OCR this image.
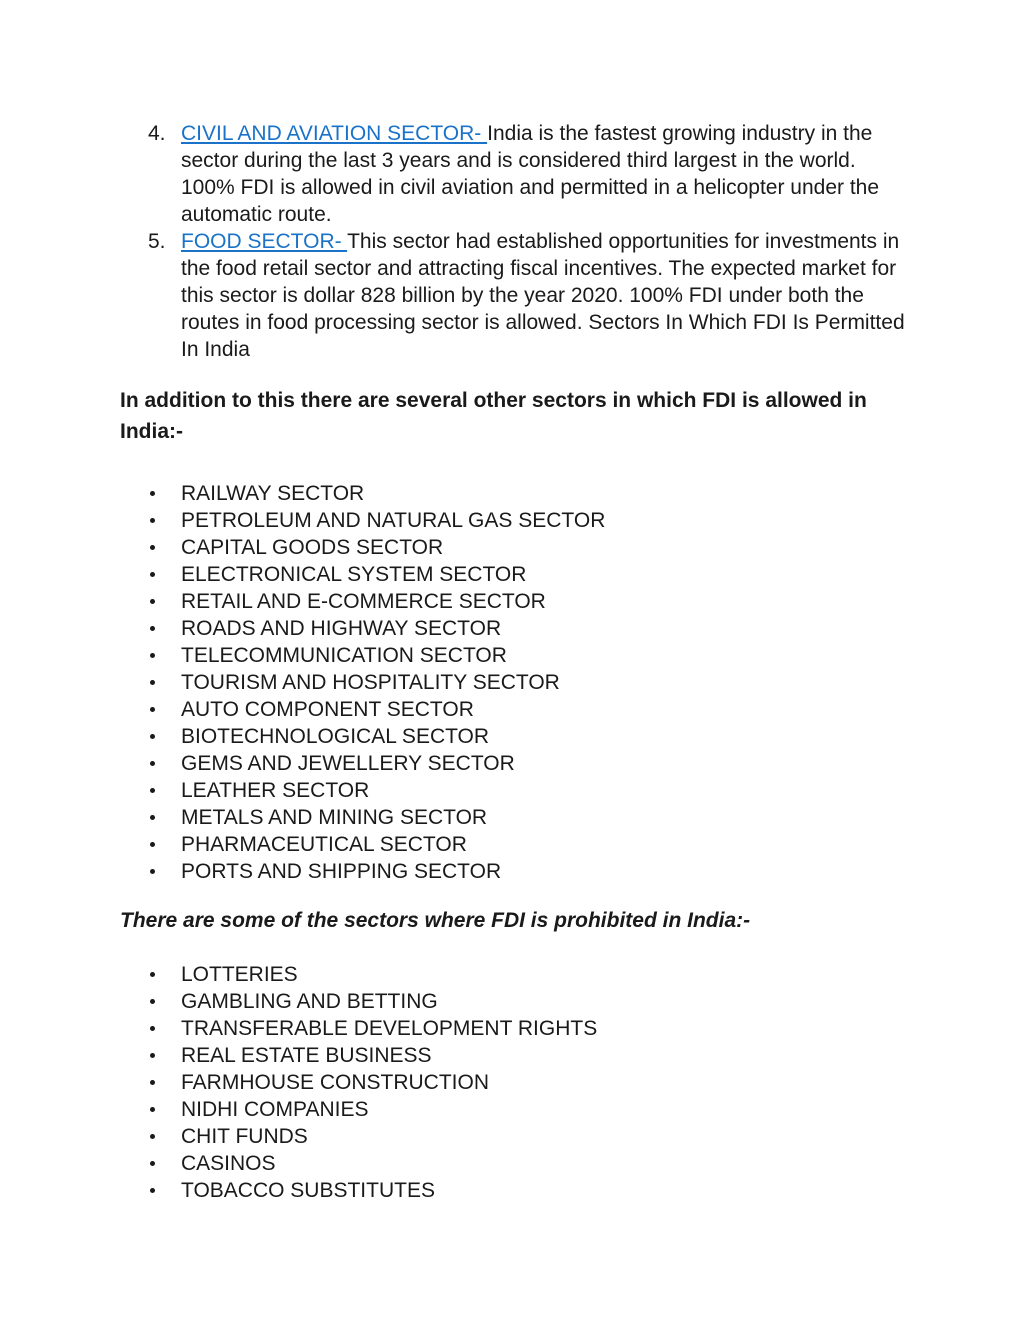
4. CIVIL AND AVIATION SECTOR- India is the fastest growing industry in the sector during the last 3 years and is considered third largest in the world. 100% FDI is allowed in civil aviation and permitted in a helicopter under the automatic route.
5. FOOD SECTOR- This sector had established opportunities for investments in the food retail sector and attracting fiscal incentives. The expected market for this sector is dollar 828 billion by the year 2020. 100% FDI under both the routes in food processing sector is allowed. Sectors In Which FDI Is Permitted In India

In addition to this there are several other sectors in which FDI is allowed in India:-

RAILWAY SECTOR
PETROLEUM AND NATURAL GAS SECTOR
CAPITAL GOODS SECTOR
ELECTRONICAL SYSTEM SECTOR
RETAIL AND E-COMMERCE SECTOR
ROADS AND HIGHWAY SECTOR
TELECOMMUNICATION SECTOR
TOURISM AND HOSPITALITY SECTOR
AUTO COMPONENT SECTOR
BIOTECHNOLOGICAL SECTOR
GEMS AND JEWELLERY SECTOR
LEATHER SECTOR
METALS AND MINING SECTOR
PHARMACEUTICAL SECTOR
PORTS AND SHIPPING SECTOR

There are some of the sectors where FDI is prohibited in India:-

LOTTERIES
GAMBLING AND BETTING
TRANSFERABLE DEVELOPMENT RIGHTS
REAL ESTATE BUSINESS
FARMHOUSE CONSTRUCTION
NIDHI COMPANIES
CHIT FUNDS
CASINOS
TOBACCO SUBSTITUTES
